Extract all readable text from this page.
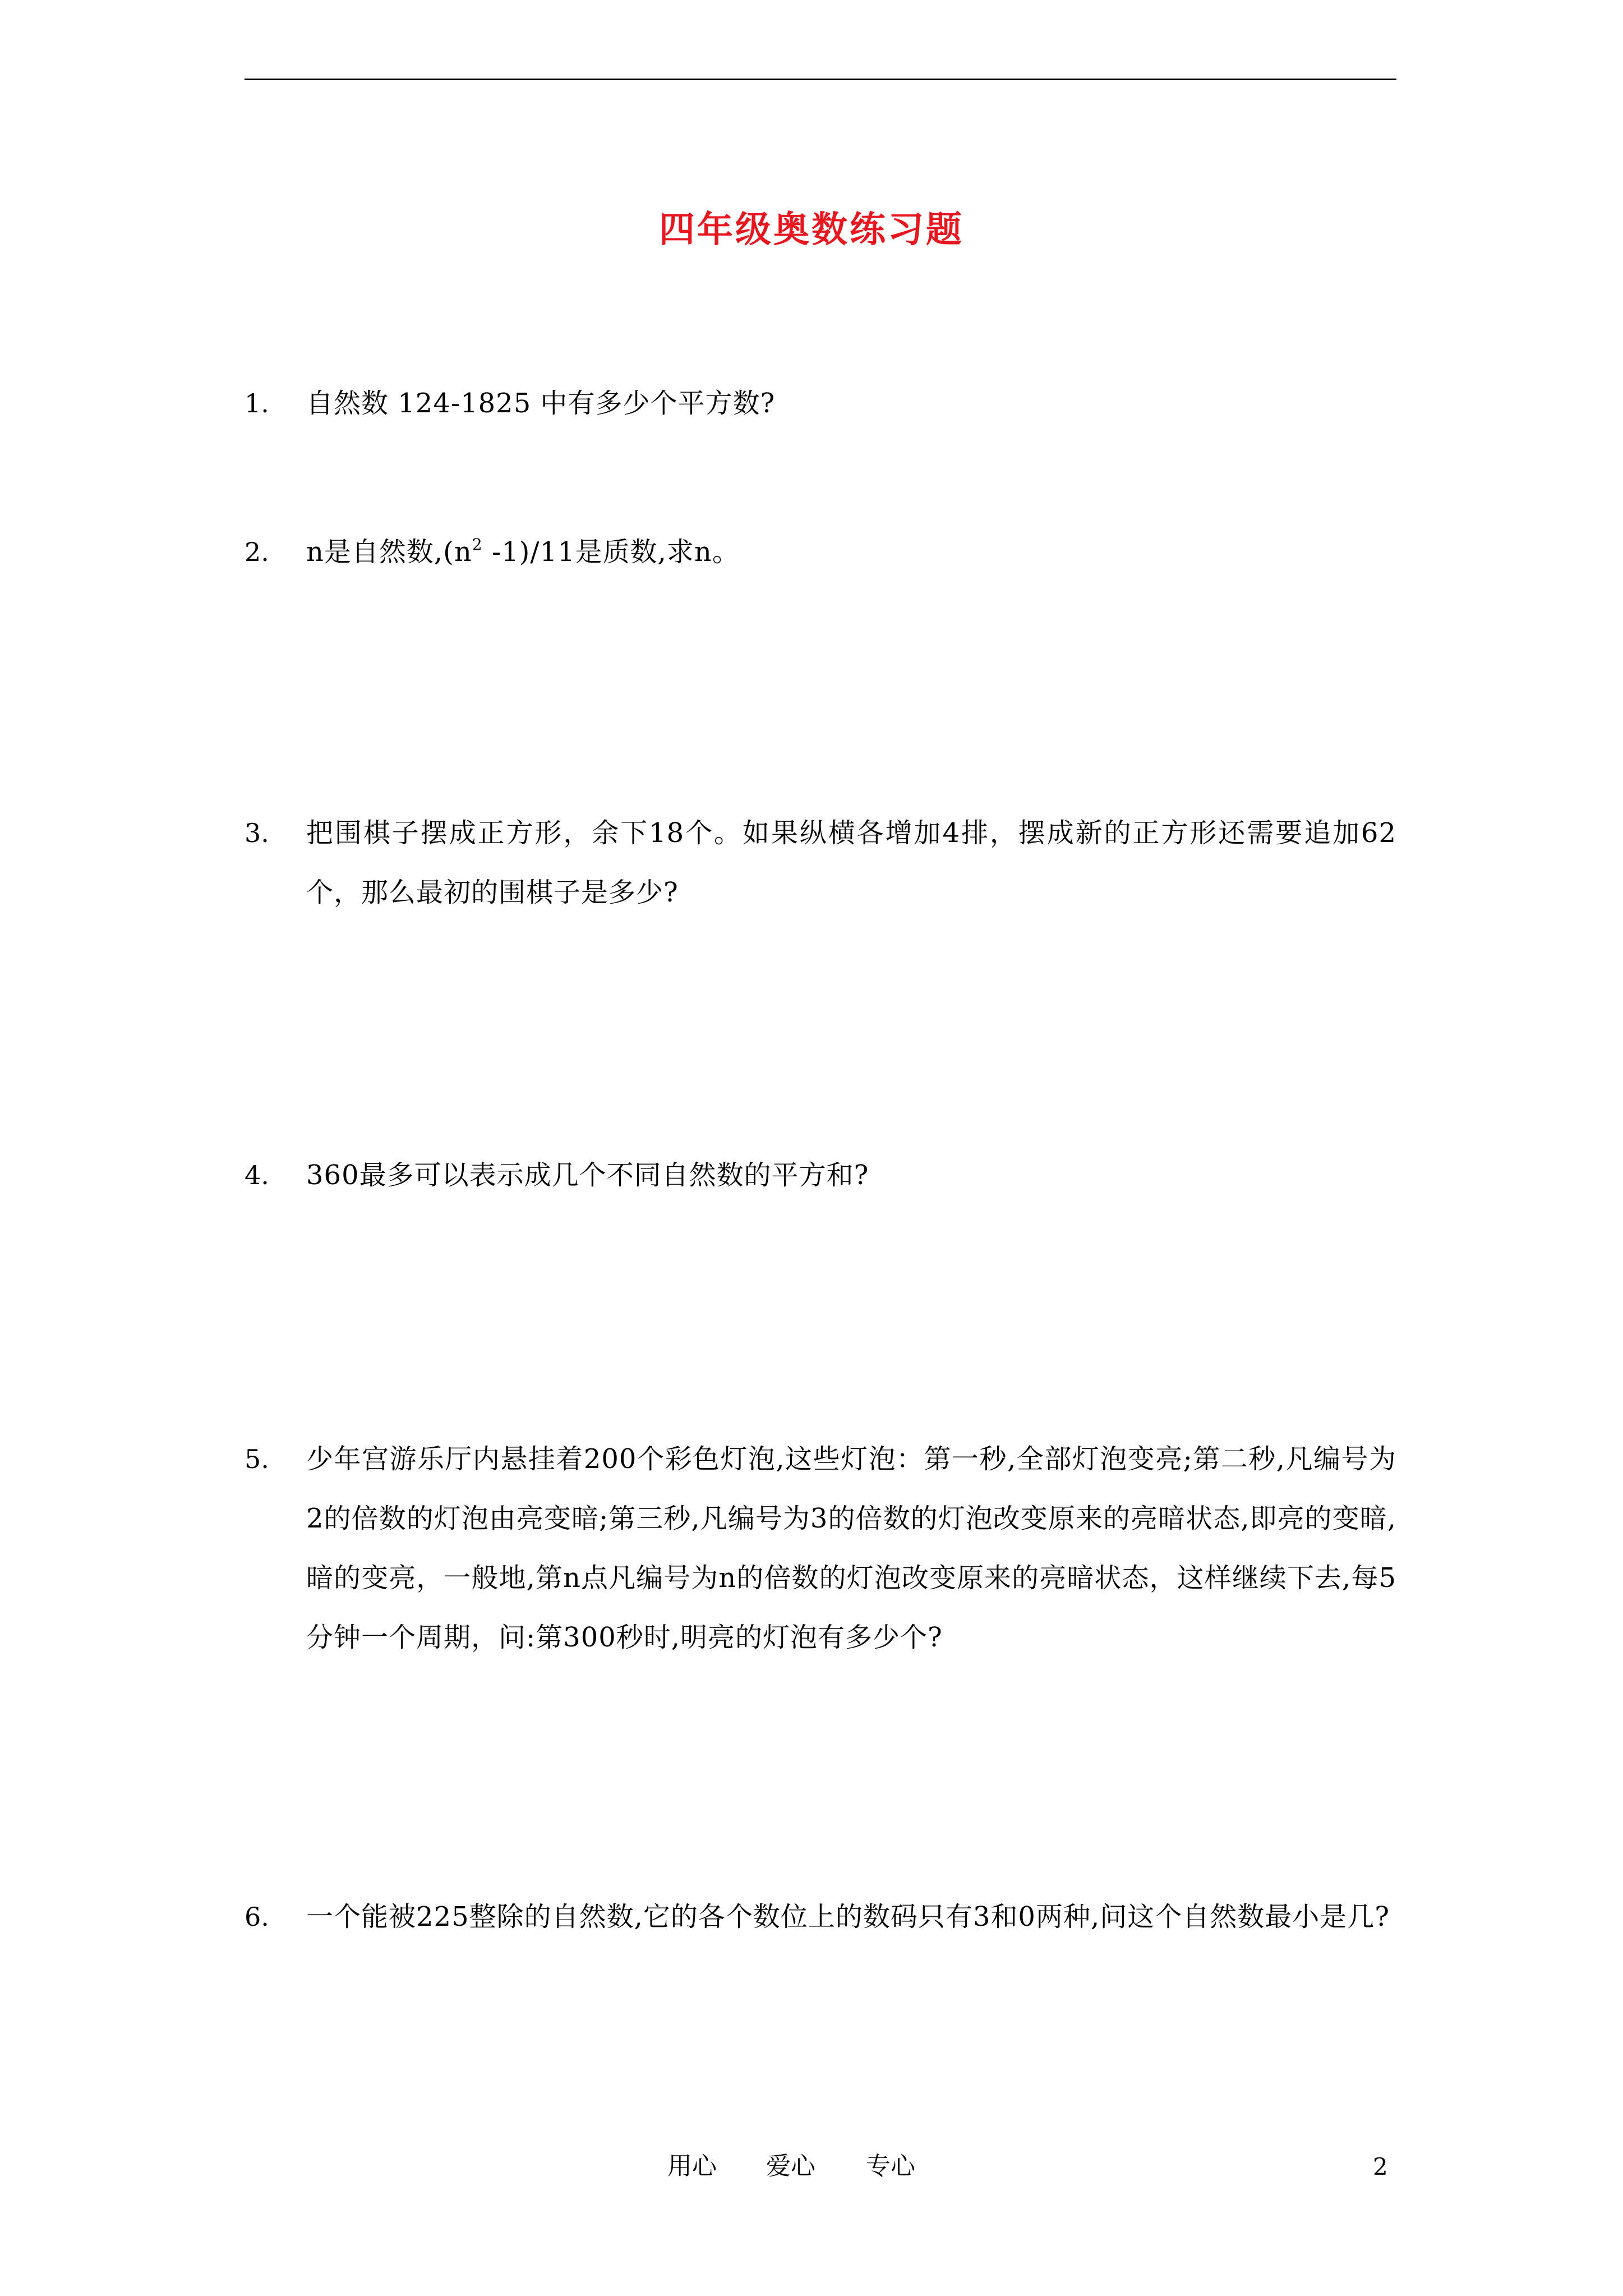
四年级奥数练习题
1. 自然数 124-1825 中有多少个平方数?
2. n是自然数$,(n^2$ -1)/11是质数,求n。
3. 把围棋子摆成正方形，余下18个。如果纵横各增加4排，摆成新的正方形还需要追加62个，那么最初的围棋子是多少?
4. 360最多可以表示成几个不同自然数的平方和?
5. 少年宫游乐厅内悬挂着200个彩色灯泡,这些灯泡：第一秒,全部灯泡变亮;第二秒,凡编号为2的倍数的灯泡由亮变暗;第三秒,凡编号为3的倍数的灯泡改变原来的亮暗状态,即亮的变暗,暗的变亮，一般地,第n点凡编号为n的倍数的灯泡改变原来的亮暗状态，这样继续下去,每5分钟一个周期，问:第300秒时,明亮的灯泡有多少个?
6. 一个能被225整除的自然数,它的各个数位上的数码只有3和0两种,问这个自然数最小是几?
用心 爱心 专心	2
